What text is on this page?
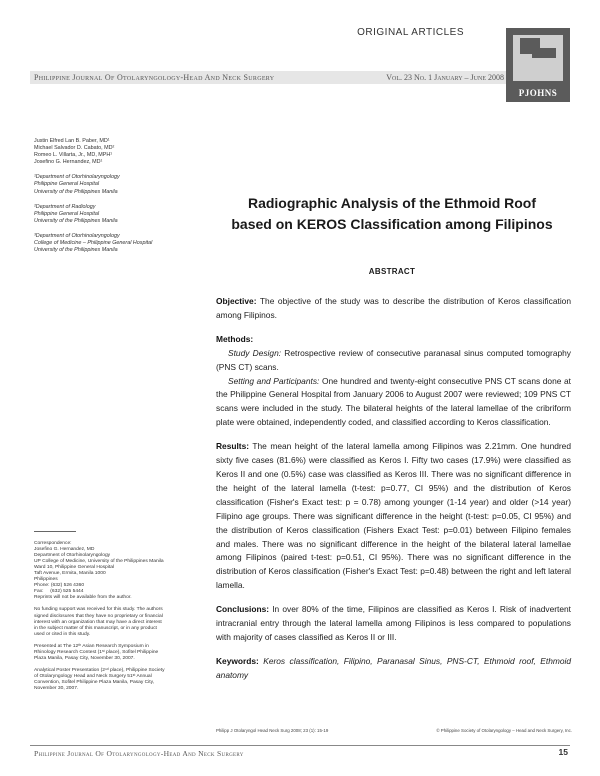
ORIGINAL ARTICLES
PJOHNS
Philippine Journal Of Otolaryngology-Head And Neck Surgery	Vol. 23 No. 1 January – June 2008

Justin Elfred Lan B. Paber, MD¹

Michael Salvador D. Cabato, MD²

Romeo L. Villarta, Jr., MD, MPH¹

Josefino G. Hernandez, MD¹

¹Department of Otorhinolaryngology

Philippine General Hospital

University of the Philippines Manila

²Department of Radiology

Philippine General Hospital

University of the Philippines Manila

³Department of Otorhinolaryngology

College of Medicine – Philippine General Hospital

University of the Philippines Manila

Correspondence:

Josefino G. Hernandez, MD

Department of Otorhinolaryngology

UP College of Medicine, University of the Philippines Manila

Ward 10, Philippine General Hospital

Taft Avenue, Ermita, Manila 1000

Philippines

Phone: (632) 526 4360

Fax:     (632) 525 5444

Reprints will not be available from the author.

No funding support was received for this study. The authors

signed disclosures that they have no proprietary or financial

interest with an organization that may have a direct interest

in the subject matter of this manuscript, or in any product

used or cited in this study.

Presented at The 12ᵗʰ Asian Research Symposium in

Rhinology Research Contest (1ˢᵗ place), Sofitel Philippine

Plaza Manila, Pasay City, November 30, 2007.

Analytical Poster Presentation (2ⁿᵈ place), Philippine Society

of Otolaryngology Head and Neck Surgery 51ˢᵗ Annual

Convention, Sofitel Philippine Plaza Manila, Pasay City,

November 30, 2007.

Radiographic Analysis of the Ethmoid Roof
based on KEROS Classification among Filipinos
ABSTRACT

Objective: The objective of the study was to describe the distribution of Keros classification among Filipinos.

Methods:

Study Design: Retrospective review of consecutive paranasal sinus computed tomography (PNS CT) scans.

Setting and Participants: One hundred and twenty-eight consecutive PNS CT scans done at the Philippine General Hospital from January 2006 to August 2007 were reviewed; 109 PNS CT scans were included in the study. The bilateral heights of the lateral lamellae of the cribriform plate were obtained, independently coded, and classified according to Keros classification.

Results: The mean height of the lateral lamella among Filipinos was 2.21mm. One hundred sixty five cases (81.6%) were classified as Keros I. Fifty two cases (17.9%) were classified as Keros II and one (0.5%) case was classified as Keros III. There was no significant difference in the height of the lateral lamella (t-test: p=0.77, CI 95%) and the distribution of Keros classification (Fisher's Exact test: p = 0.78) among younger (1-14 year) and older (>14 year) Filipino age groups. There was significant difference in the height (t-test: p=0.05, CI 95%) and the distribution of Keros classification (Fishers Exact Test: p=0.01) between Filipino females and males. There was no significant difference in the height of the bilateral lateral lamellae among Filipinos (paired t-test: p=0.51, CI 95%). There was no significant difference in the distribution of Keros classification (Fisher's Exact Test: p=0.48) between the right and left lateral lamella.

Conclusions: In over 80% of the time, Filipinos are classified as Keros I. Risk of inadvertent intracranial entry through the lateral lamella among Filipinos is less compared to populations with majority of cases classified as Keros II or III.

Keywords: Keros classification, Filipino, Paranasal Sinus, PNS-CT, Ethmoid roof, Ethmoid anatomy

Philipp J Otolaryngol Head Neck Surg 2008; 23 (1): 15-19	© Philippine Society of Otolaryngology – Head and Neck Surgery, Inc.
Philippine Journal Of Otolaryngology-Head And Neck Surgery	15
